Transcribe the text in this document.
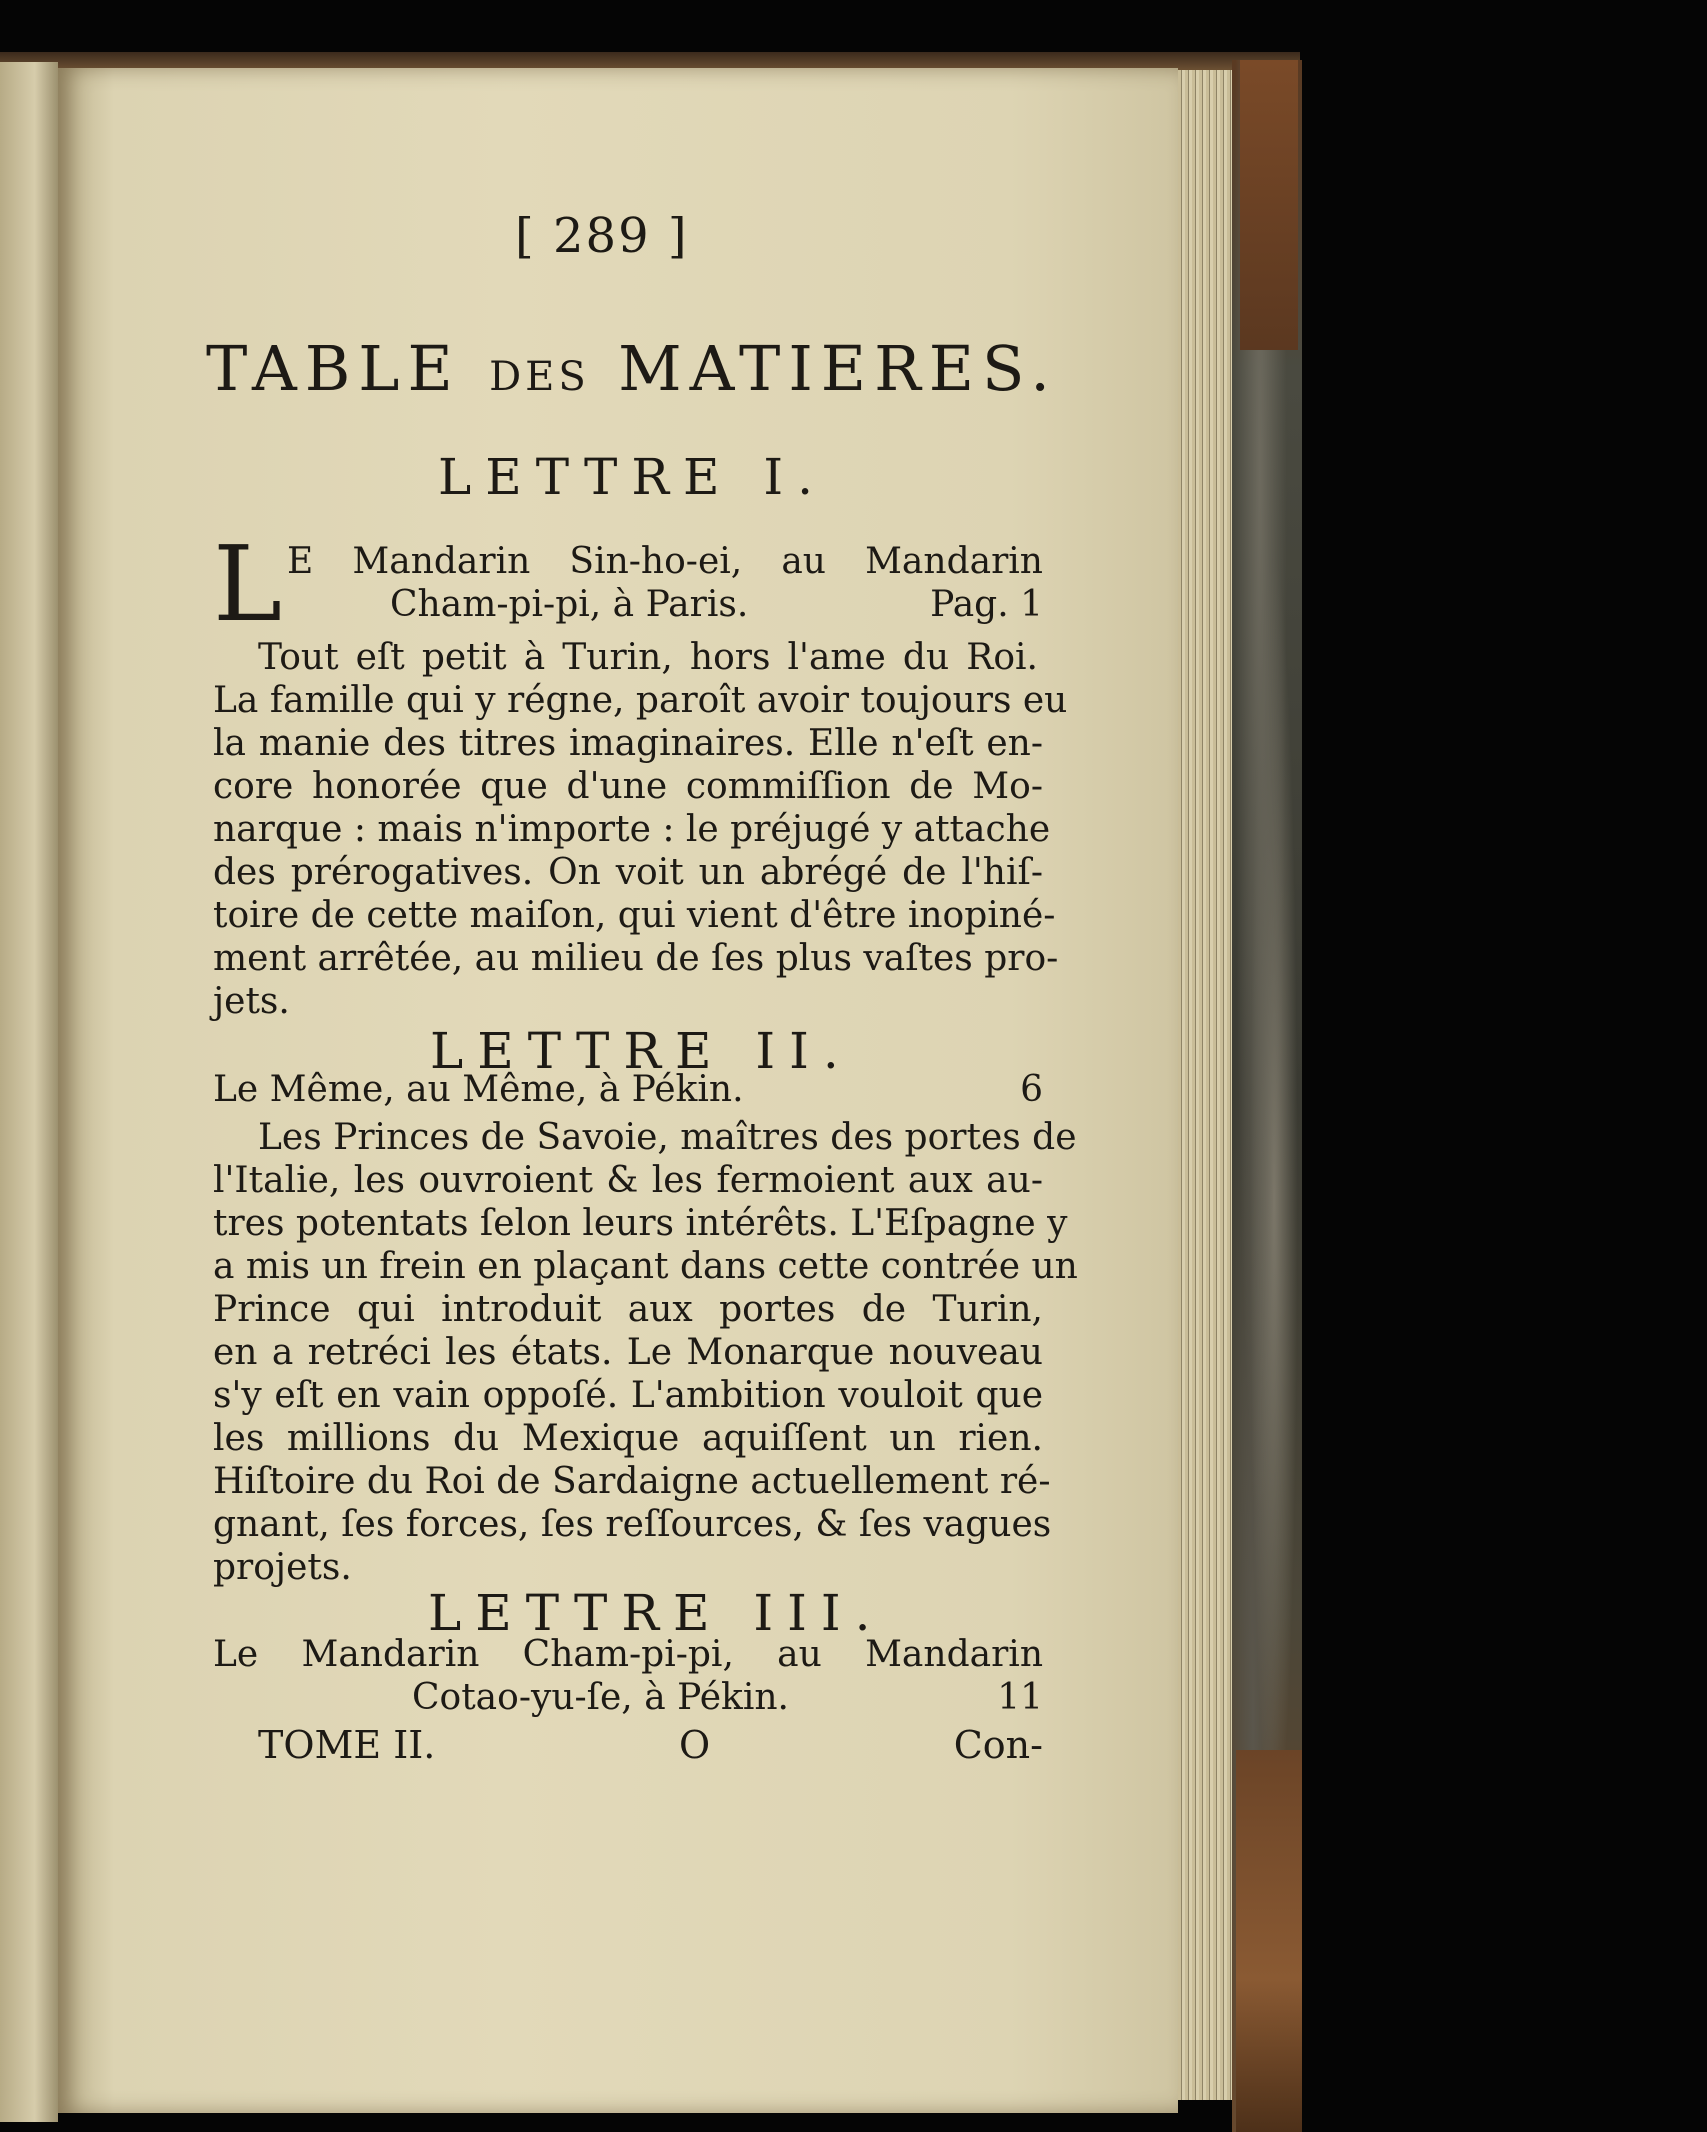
[ 289 ]
TABLE DES MATIERES.
LETTRE I.
L E Mandarin Sin-ho-ei, au Mandarin
Cham-pi-pi, à Paris.	Pag. 1
Tout eſt petit à Turin, hors l'ame du Roi.
La famille qui y régne, paroît avoir toujours eu
la manie des titres imaginaires. Elle n'eſt en-
core honorée que d'une commiſſion de Mo-
narque : mais n'importe : le préjugé y attache
des prérogatives. On voit un abrégé de l'hiſ-
toire de cette maiſon, qui vient d'être inopiné-
ment arrêtée, au milieu de ſes plus vaſtes pro-
jets.
LETTRE II.
Le Même, au Même, à Pékin.	6
Les Princes de Savoie, maîtres des portes de
l'Italie, les ouvroient & les fermoient aux au-
tres potentats ſelon leurs intérêts. L'Eſpagne y
a mis un frein en plaçant dans cette contrée un
Prince qui introduit aux portes de Turin,
en a retréci les états. Le Monarque nouveau
s'y eſt en vain oppoſé. L'ambition vouloit que
les millions du Mexique aquiſſent un rien.
Hiſtoire du Roi de Sardaigne actuellement ré-
gnant, ſes forces, ſes reſſources, & ſes vagues
projets.
LETTRE III.
Le Mandarin Cham-pi-pi, au Mandarin
Cotao-yu-ſe, à Pékin.	11
TOME II.	O	Con-
